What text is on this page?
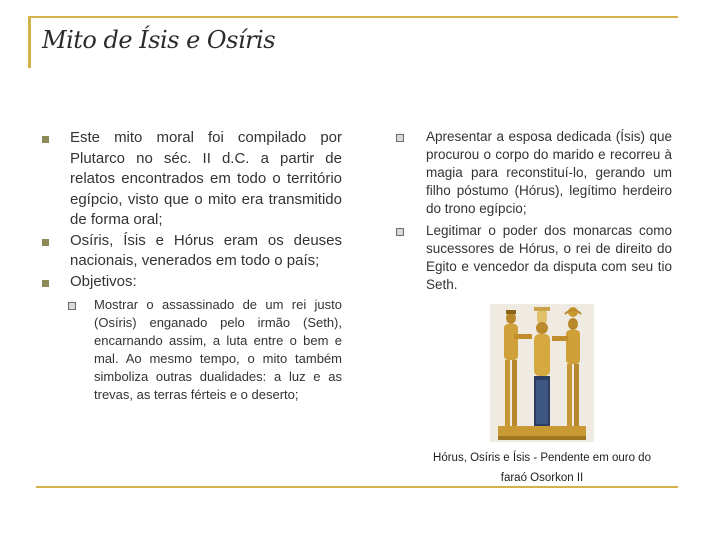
Mito de Ísis e Osíris
Este mito moral foi compilado por Plutarco no séc. II d.C. a partir de relatos encontrados em todo o território egípcio, visto que o mito era transmitido de forma oral;
Osíris, Ísis e Hórus eram os deuses nacionais, venerados em todo o país;
Objetivos:
Mostrar o assassinado de um rei justo (Osíris) enganado pelo irmão (Seth), encarnando assim, a luta entre o bem e mal. Ao mesmo tempo, o mito também simboliza outras dualidades: a luz e as trevas, as terras férteis e o deserto;
Apresentar a esposa dedicada (Ísis) que procurou o corpo do marido e recorreu à magia para reconstituí-lo, gerando um filho póstumo (Hórus), legítimo herdeiro do trono egípcio;
Legitimar o poder dos monarcas como sucessores de Hórus, o rei de direito do Egito e vencedor da disputa com seu tio Seth.
Hórus, Osíris e Ísis - Pendente em ouro do faraó Osorkon II
